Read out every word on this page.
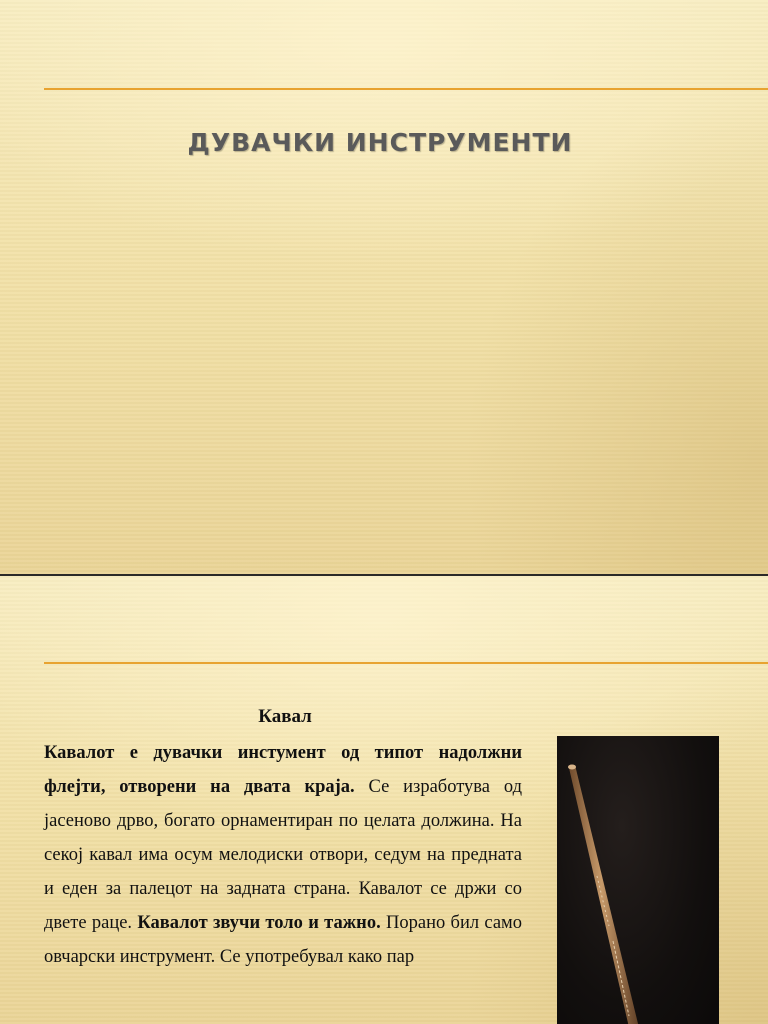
ДУВАЧКИ ИНСТРУМЕНТИ
Кавал

Кавалот е дувачки инстумент од типот надолжни флејти, отворени на двата краја. Се изработува од јасеново дрво, богато орнаментиран по целата должина. На секој кавал има осум мелодиски отвори, седум на предната и еден за палецот на задната страна. Кавалот се држи со двете раце. Кавалот звучи толо и тажно. Порано бил само овчарски инструмент. Се употребувал како пар
